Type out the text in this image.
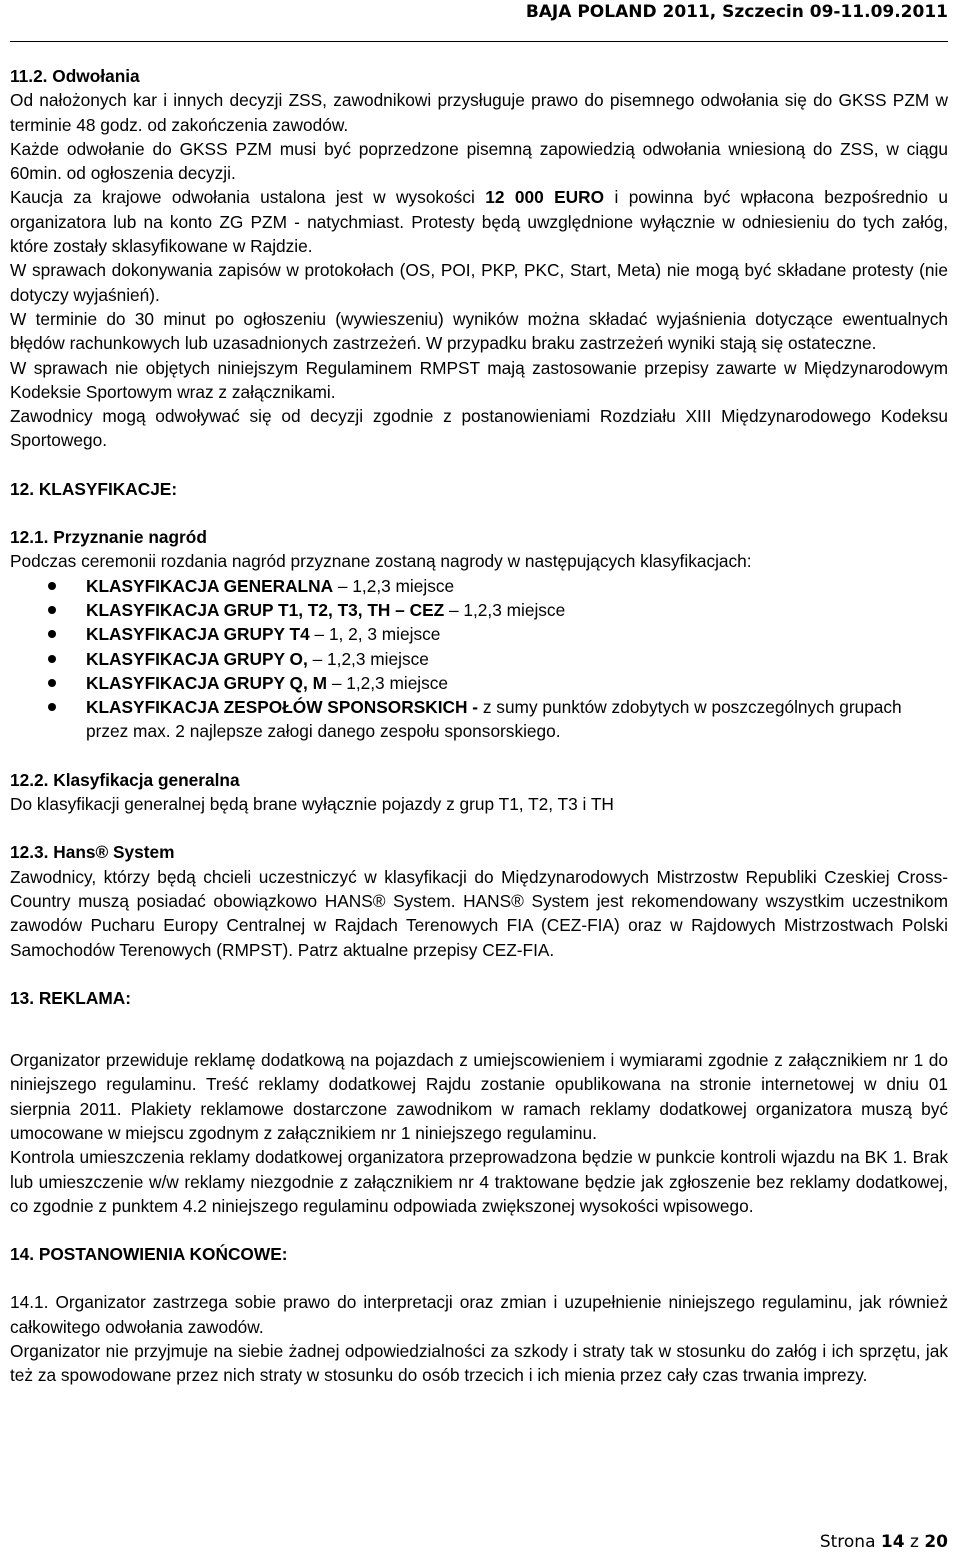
BAJA POLAND 2011, Szczecin 09-11.09.2011

11.2. Odwołania

Od nałożonych kar i innych decyzji ZSS, zawodnikowi przysługuje prawo do pisemnego odwołania się do GKSS PZM w terminie 48 godz. od zakończenia zawodów.

Każde odwołanie do GKSS PZM musi być poprzedzone pisemną zapowiedzią odwołania wniesioną do ZSS, w ciągu 60min. od ogłoszenia decyzji.

Kaucja za krajowe odwołania ustalona jest w wysokości 12 000 EURO i powinna być wpłacona bezpośrednio u organizatora lub na konto ZG PZM - natychmiast. Protesty będą uwzględnione wyłącznie w odniesieniu do tych załóg, które zostały sklasyfikowane w Rajdzie.

W sprawach dokonywania zapisów w protokołach (OS, POI, PKP, PKC, Start, Meta) nie mogą być składane protesty (nie dotyczy wyjaśnień).

W terminie do 30 minut po ogłoszeniu (wywieszeniu) wyników można składać wyjaśnienia dotyczące ewentualnych błędów rachunkowych lub uzasadnionych zastrzeżeń. W przypadku braku zastrzeżeń wyniki stają się ostateczne.

W sprawach nie objętych niniejszym Regulaminem RMPST mają zastosowanie przepisy zawarte w Międzynarodowym Kodeksie Sportowym wraz z załącznikami.

Zawodnicy mogą odwoływać się od decyzji zgodnie z postanowieniami Rozdziału XIII Międzynarodowego Kodeksu Sportowego.

12. KLASYFIKACJE:

12.1. Przyznanie nagród

Podczas ceremonii rozdania nagród przyznane zostaną nagrody w następujących klasyfikacjach:

KLASYFIKACJA GENERALNA – 1,2,3 miejsce
KLASYFIKACJA GRUP T1, T2, T3, TH – CEZ – 1,2,3 miejsce
KLASYFIKACJA GRUPY T4 – 1, 2, 3 miejsce
KLASYFIKACJA GRUPY O, – 1,2,3 miejsce
KLASYFIKACJA GRUPY Q, M – 1,2,3 miejsce
KLASYFIKACJA ZESPOŁÓW SPONSORSKICH - z sumy punktów zdobytych w poszczególnych grupach przez max. 2 najlepsze załogi danego zespołu sponsorskiego.

12.2. Klasyfikacja generalna

Do klasyfikacji generalnej będą brane wyłącznie pojazdy z grup T1, T2, T3 i TH

12.3. Hans® System

Zawodnicy, którzy będą chcieli uczestniczyć w klasyfikacji do Międzynarodowych Mistrzostw Republiki Czeskiej Cross-Country muszą posiadać obowiązkowo HANS® System. HANS® System jest rekomendowany wszystkim uczestnikom zawodów Pucharu Europy Centralnej w Rajdach Terenowych FIA (CEZ-FIA) oraz w Rajdowych Mistrzostwach Polski Samochodów Terenowych (RMPST). Patrz aktualne przepisy CEZ-FIA.

13. REKLAMA:

Organizator przewiduje reklamę dodatkową na pojazdach z umiejscowieniem i wymiarami zgodnie z załącznikiem nr 1 do niniejszego regulaminu. Treść reklamy dodatkowej Rajdu zostanie opublikowana na stronie internetowej w dniu 01 sierpnia 2011. Plakiety reklamowe dostarczone zawodnikom w ramach reklamy dodatkowej organizatora muszą być umocowane w miejscu zgodnym z załącznikiem nr 1 niniejszego regulaminu.

Kontrola umieszczenia reklamy dodatkowej organizatora przeprowadzona będzie w punkcie kontroli wjazdu na BK 1. Brak lub umieszczenie w/w reklamy niezgodnie z załącznikiem nr 4 traktowane będzie jak zgłoszenie bez reklamy dodatkowej, co zgodnie z punktem 4.2 niniejszego regulaminu odpowiada zwiększonej wysokości wpisowego.

14. POSTANOWIENIA KOŃCOWE:

14.1. Organizator zastrzega sobie prawo do interpretacji oraz zmian i uzupełnienie niniejszego regulaminu, jak również całkowitego odwołania zawodów.

Organizator nie przyjmuje na siebie żadnej odpowiedzialności za szkody i straty tak w stosunku do załóg i ich sprzętu, jak też za spowodowane przez nich straty w stosunku do osób trzecich i ich mienia przez cały czas trwania imprezy.

Strona 14 z 20
